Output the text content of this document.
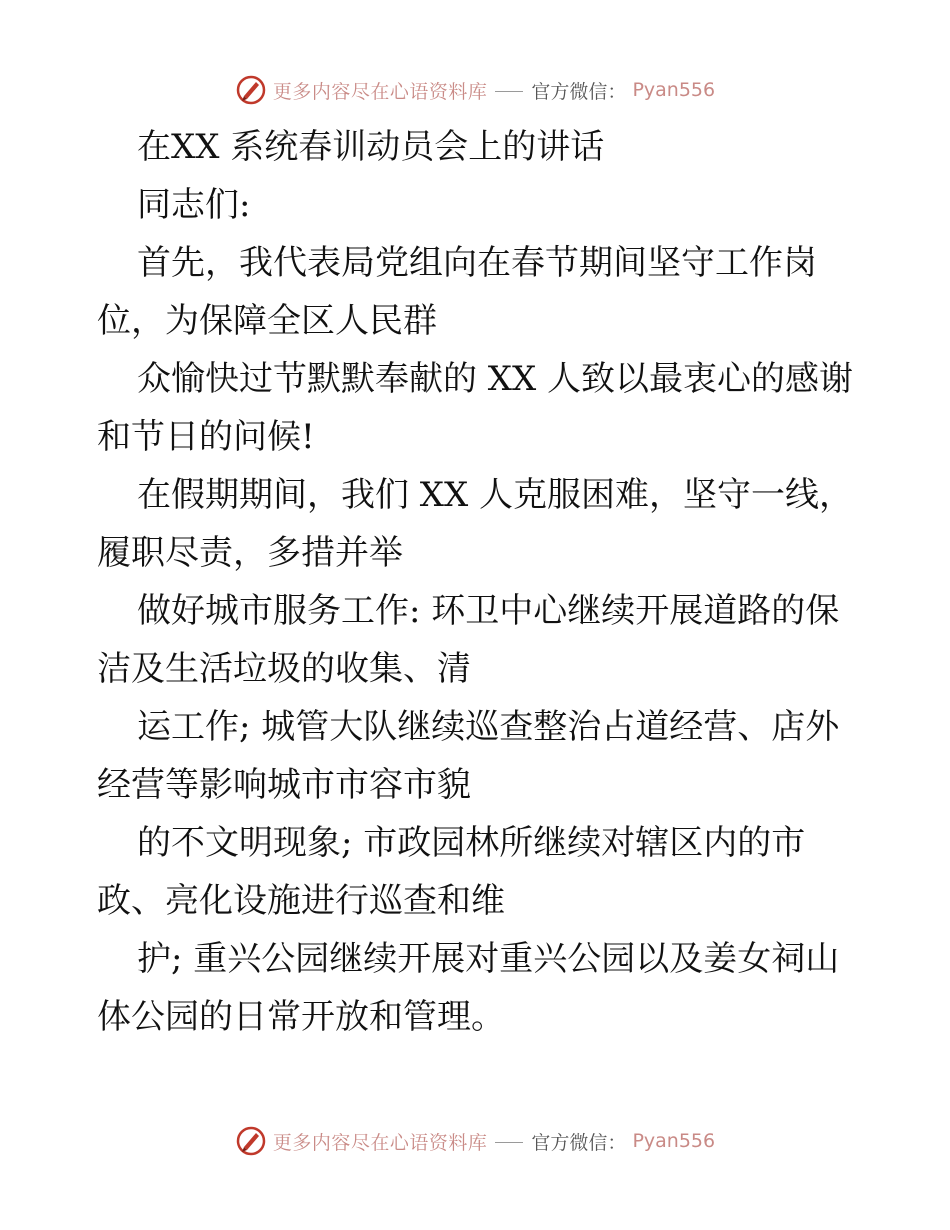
更多内容尽在心语资料库 官方微信： Pyan556
在XX 系统春训动员会上的讲话
同志们:
首先，我代表局党组向在春节期间坚守工作岗
位，为保障全区人民群
众愉快过节默默奉献的 XX 人致以最衷心的感谢
和节日的问候!
在假期期间，我们 XX 人克服困难，坚守一线，
履职尽责，多措并举
做好城市服务工作: 环卫中心继续开展道路的保
洁及生活垃圾的收集、清
运工作; 城管大队继续巡查整治占道经营、店外
经营等影响城市市容市貌
的不文明现象; 市政园林所继续对辖区内的市
政、亮化设施进行巡查和维
护; 重兴公园继续开展对重兴公园以及姜女祠山
体公园的日常开放和管理。
更多内容尽在心语资料库 官方微信： Pyan556
